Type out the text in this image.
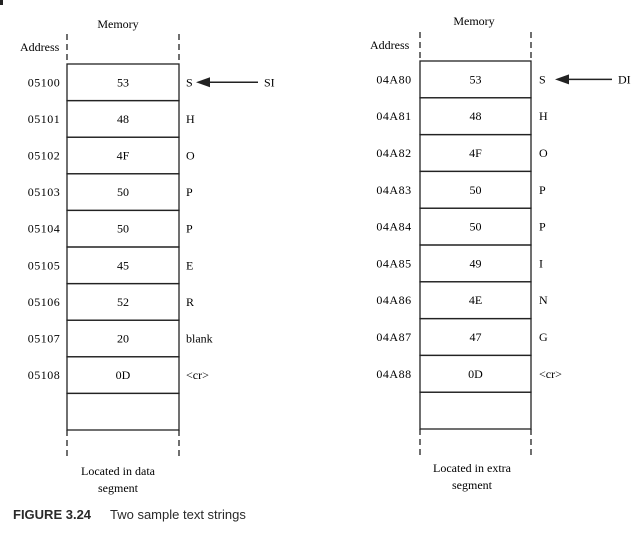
Memory
Address
05100	53	S
05101	48	H
05102	4F	O
05103	50	P
05104	50	P
05105	45	E
05106	52	R
05107	20	blank
05108	0D	<cr>
SI
Located in data
segment
Memory
Address
04A80	53	S
04A81	48	H
04A82	4F	O
04A83	50	P
04A84	50	P
04A85	49	I
04A86	4E	N
04A87	47	G
04A88	0D	<cr>
DI
Located in extra
segment
FIGURE 3.24 Two sample text strings
